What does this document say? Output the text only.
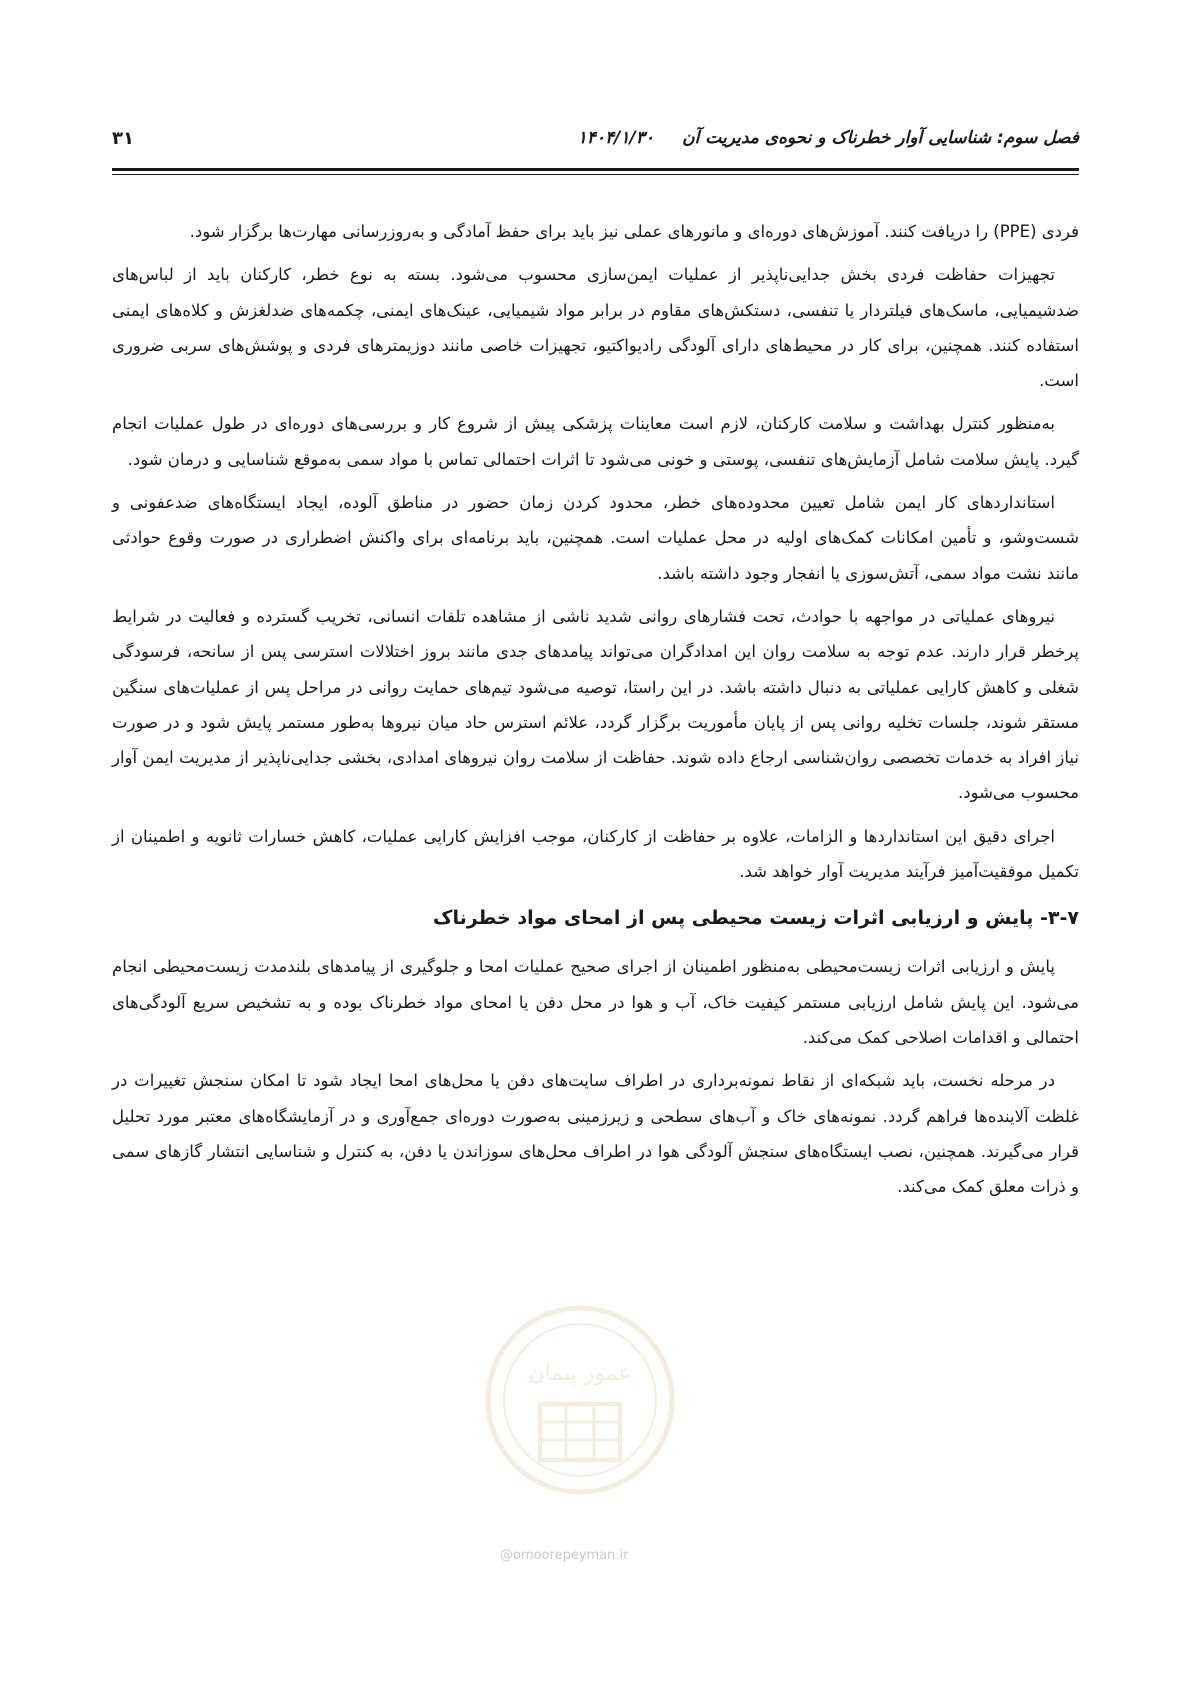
فصل سوم: شناسایی آوار خطرناک و نحوه‌ی مدیریت آن
۱۴۰۴/۱/۳۰
۳۱

فردی (PPE) را دریافت کنند. آموزش‌های دوره‌ای و مانورهای عملی نیز باید برای حفظ آمادگی و به‌روزرسانی مهارت‌ها برگزار شود.

تجهیزات حفاظت فردی بخش جدایی‌ناپذیر از عملیات ایمن‌سازی محسوب می‌شود. بسته به نوع خطر، کارکنان باید از لباس‌های ضدشیمیایی، ماسک‌های فیلتردار یا تنفسی، دستکش‌های مقاوم در برابر مواد شیمیایی، عینک‌های ایمنی، چکمه‌های ضدلغزش و کلاه‌های ایمنی استفاده کنند. همچنین، برای کار در محیط‌های دارای آلودگی رادیواکتیو، تجهیزات خاصی مانند دوزیمترهای فردی و پوشش‌های سربی ضروری است.

به‌منظور کنترل بهداشت و سلامت کارکنان، لازم است معاینات پزشکی پیش از شروع کار و بررسی‌های دوره‌ای در طول عملیات انجام گیرد. پایش سلامت شامل آزمایش‌های تنفسی، پوستی و خونی می‌شود تا اثرات احتمالی تماس با مواد سمی به‌موقع شناسایی و درمان شود.

استانداردهای کار ایمن شامل تعیین محدوده‌های خطر، محدود کردن زمان حضور در مناطق آلوده، ایجاد ایستگاه‌های ضدعفونی و شست‌وشو، و تأمین امکانات کمک‌های اولیه در محل عملیات است. همچنین، باید برنامه‌ای برای واکنش اضطراری در صورت وقوع حوادثی مانند نشت مواد سمی، آتش‌سوزی یا انفجار وجود داشته باشد.

نیروهای عملیاتی در مواجهه با حوادث، تحت فشارهای روانی شدید ناشی از مشاهده تلفات انسانی، تخریب گسترده و فعالیت در شرایط پرخطر قرار دارند. عدم توجه به سلامت روان این امدادگران می‌تواند پیامدهای جدی مانند بروز اختلالات استرسی پس از سانحه، فرسودگی شغلی و کاهش کارایی عملیاتی به دنبال داشته باشد. در این راستا، توصیه می‌شود تیم‌های حمایت روانی در مراحل پس از عملیات‌های سنگین مستقر شوند، جلسات تخلیه روانی پس از پایان مأموریت برگزار گردد، علائم استرس حاد میان نیروها به‌طور مستمر پایش شود و در صورت نیاز افراد به خدمات تخصصی روان‌شناسی ارجاع داده شوند. حفاظت از سلامت روان نیروهای امدادی، بخشی جدایی‌ناپذیر از مدیریت ایمن آوار محسوب می‌شود.

اجرای دقیق این استانداردها و الزامات، علاوه بر حفاظت از کارکنان، موجب افزایش کارایی عملیات، کاهش خسارات ثانویه و اطمینان از تکمیل موفقیت‌آمیز فرآیند مدیریت آوار خواهد شد.

۳-۷- پایش و ارزیابی اثرات زیست محیطی پس از امحای مواد خطرناک

پایش و ارزیابی اثرات زیست‌محیطی به‌منظور اطمینان از اجرای صحیح عملیات امحا و جلوگیری از پیامدهای بلندمدت زیست‌محیطی انجام می‌شود. این پایش شامل ارزیابی مستمر کیفیت خاک، آب و هوا در محل دفن یا امحای مواد خطرناک بوده و به تشخیص سریع آلودگی‌های احتمالی و اقدامات اصلاحی کمک می‌کند.

در مرحله نخست، باید شبکه‌ای از نقاط نمونه‌برداری در اطراف سایت‌های دفن یا محل‌های امحا ایجاد شود تا امکان سنجش تغییرات در غلظت آلاینده‌ها فراهم گردد. نمونه‌های خاک و آب‌های سطحی و زیرزمینی به‌صورت دوره‌ای جمع‌آوری و در آزمایشگاه‌های معتبر مورد تحلیل قرار می‌گیرند. همچنین، نصب ایستگاه‌های سنجش آلودگی هوا در اطراف محل‌های سوزاندن یا دفن، به کنترل و شناسایی انتشار گازهای سمی و ذرات معلق کمک می‌کند.

عمور پیمان
@omoorepeyman.ir
